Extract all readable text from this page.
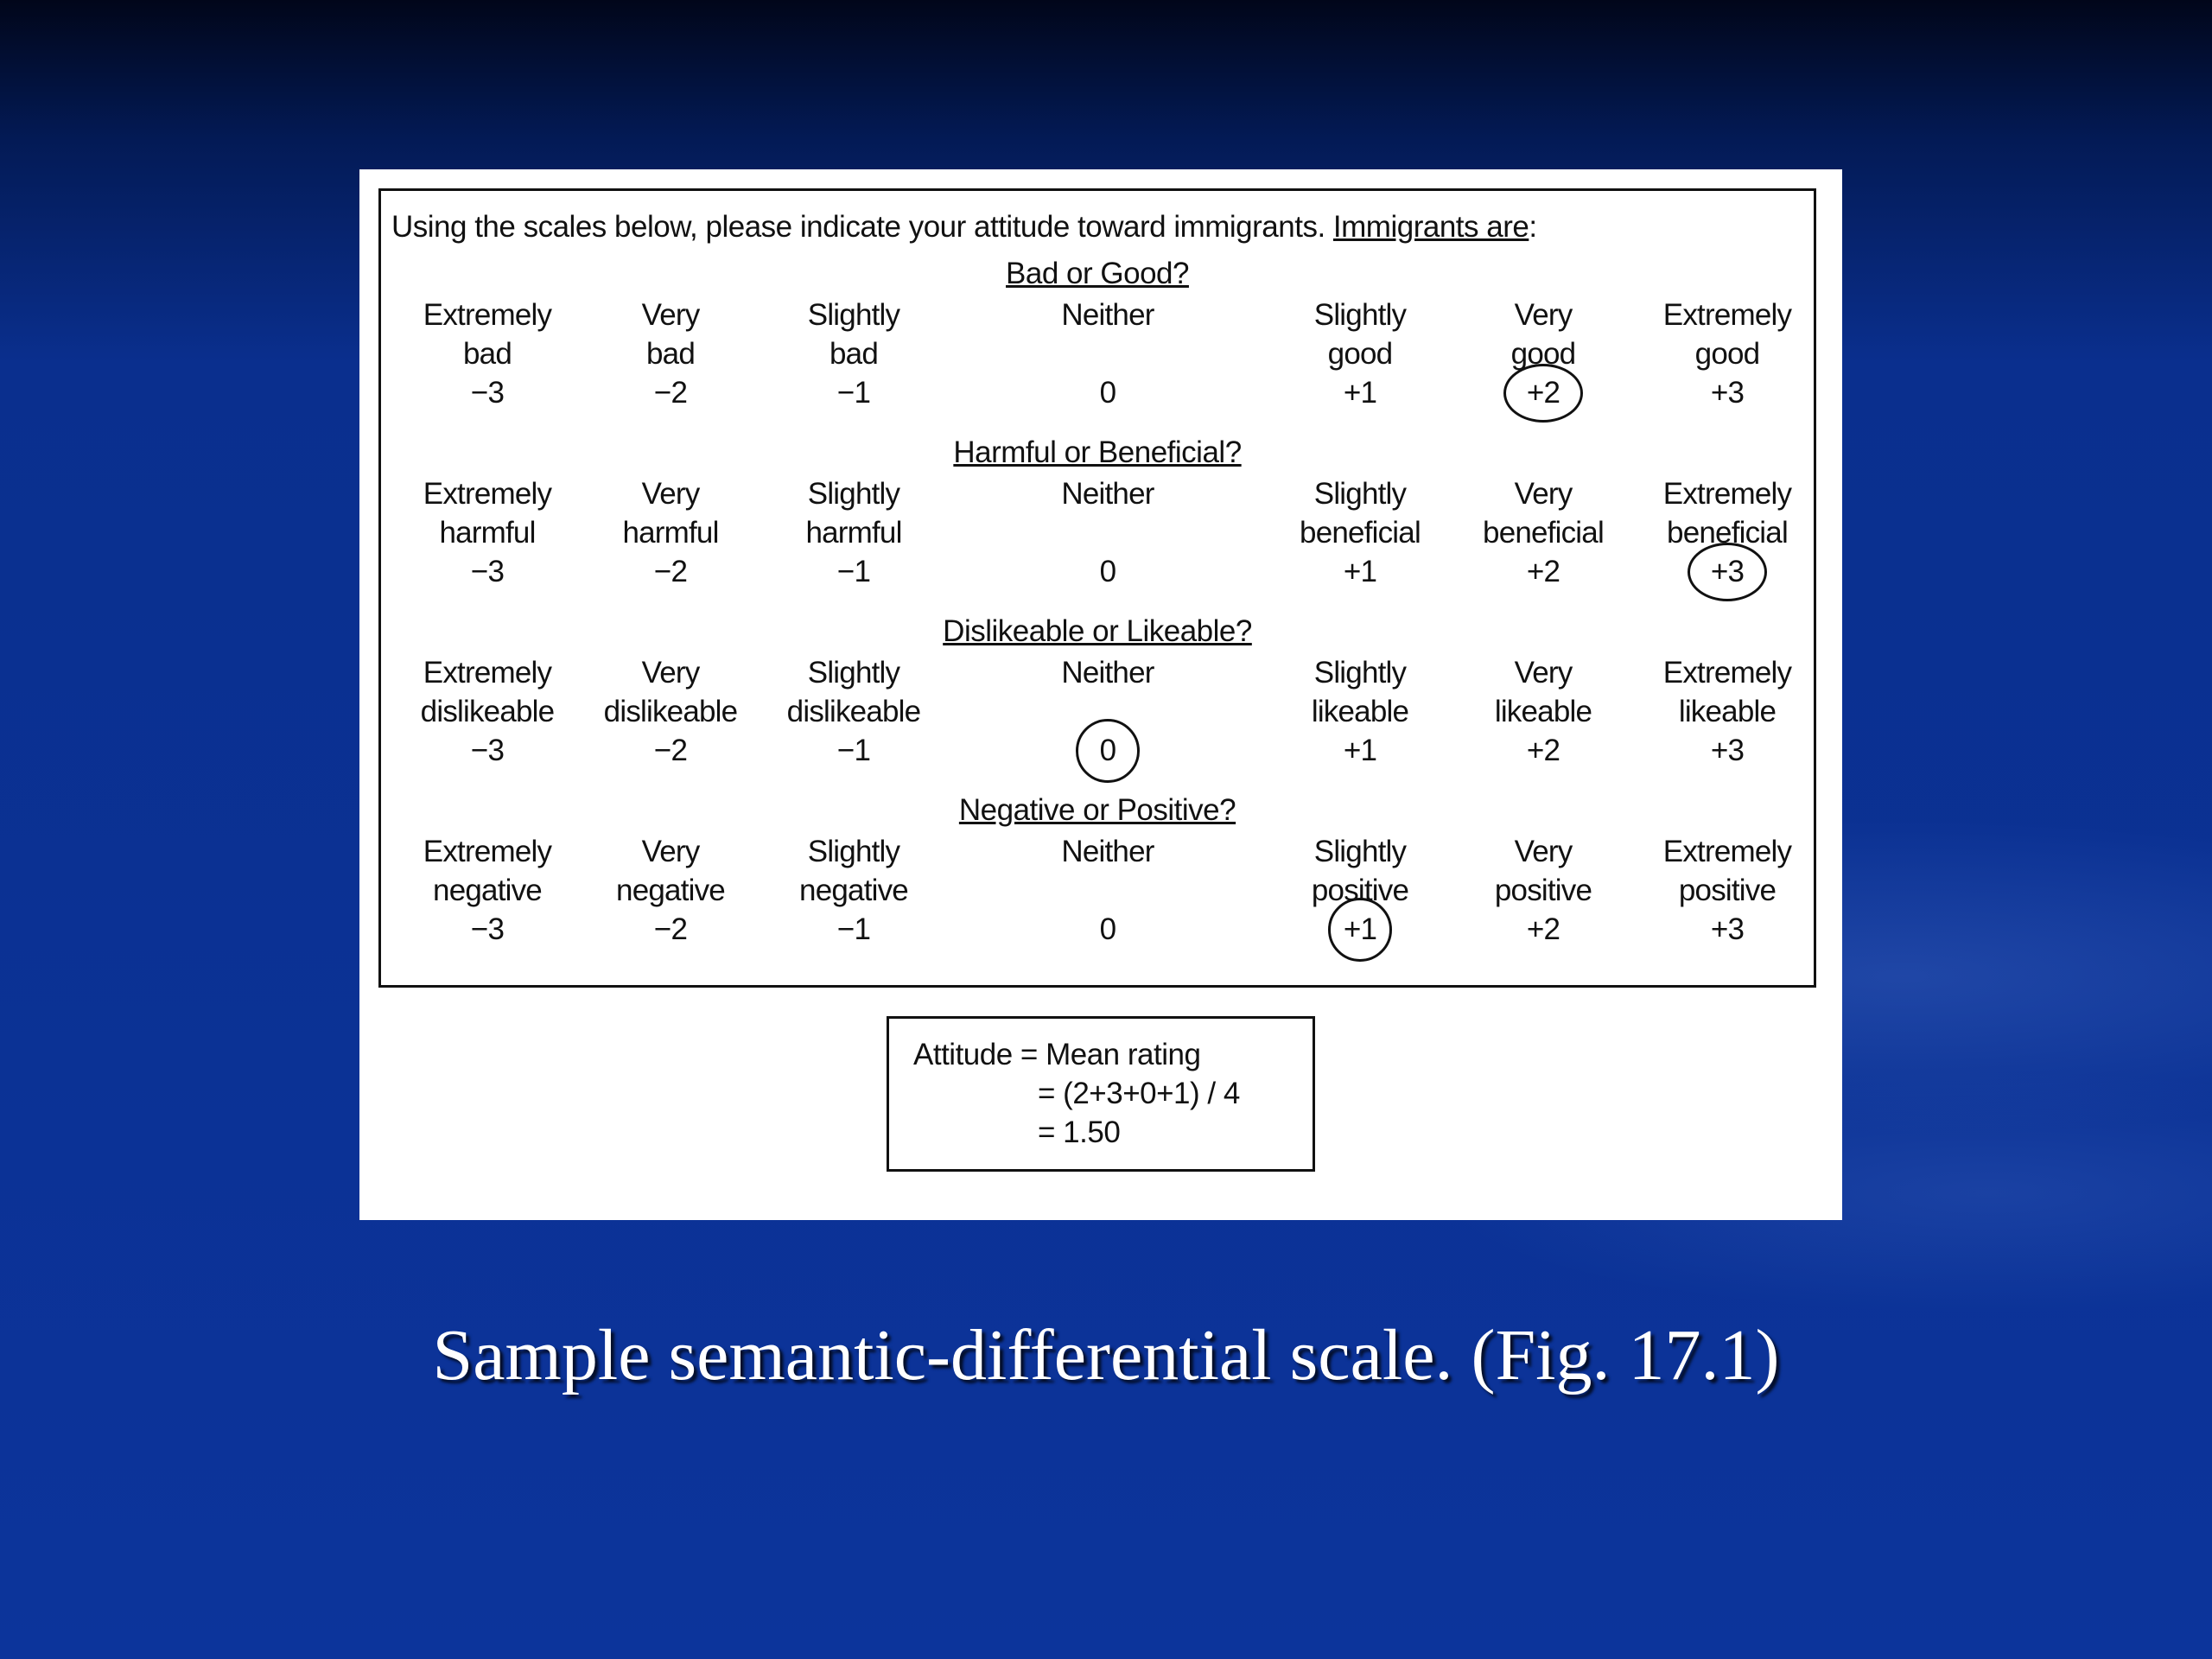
Using the scales below, please indicate your attitude toward immigrants. Immigrants are:
Bad or Good?
Extremely
bad
−3
Very
bad
−2
Slightly
bad
−1
Neither
0
Slightly
good
+1
Very
good
+2
Extremely
good
+3
Harmful or Beneficial?
Extremely
harmful
−3
Very
harmful
−2
Slightly
harmful
−1
Neither
0
Slightly
beneficial
+1
Very
beneficial
+2
Extremely
beneficial
+3
Dislikeable or Likeable?
Extremely
dislikeable
−3
Very
dislikeable
−2
Slightly
dislikeable
−1
Neither
0
Slightly
likeable
+1
Very
likeable
+2
Extremely
likeable
+3
Negative or Positive?
Extremely
negative
−3
Very
negative
−2
Slightly
negative
−1
Neither
0
Slightly
positive
+1
Very
positive
+2
Extremely
positive
+3
Attitude = Mean rating
= (2+3+0+1) / 4
= 1.50
Sample semantic-differential scale. (Fig. 17.1)
